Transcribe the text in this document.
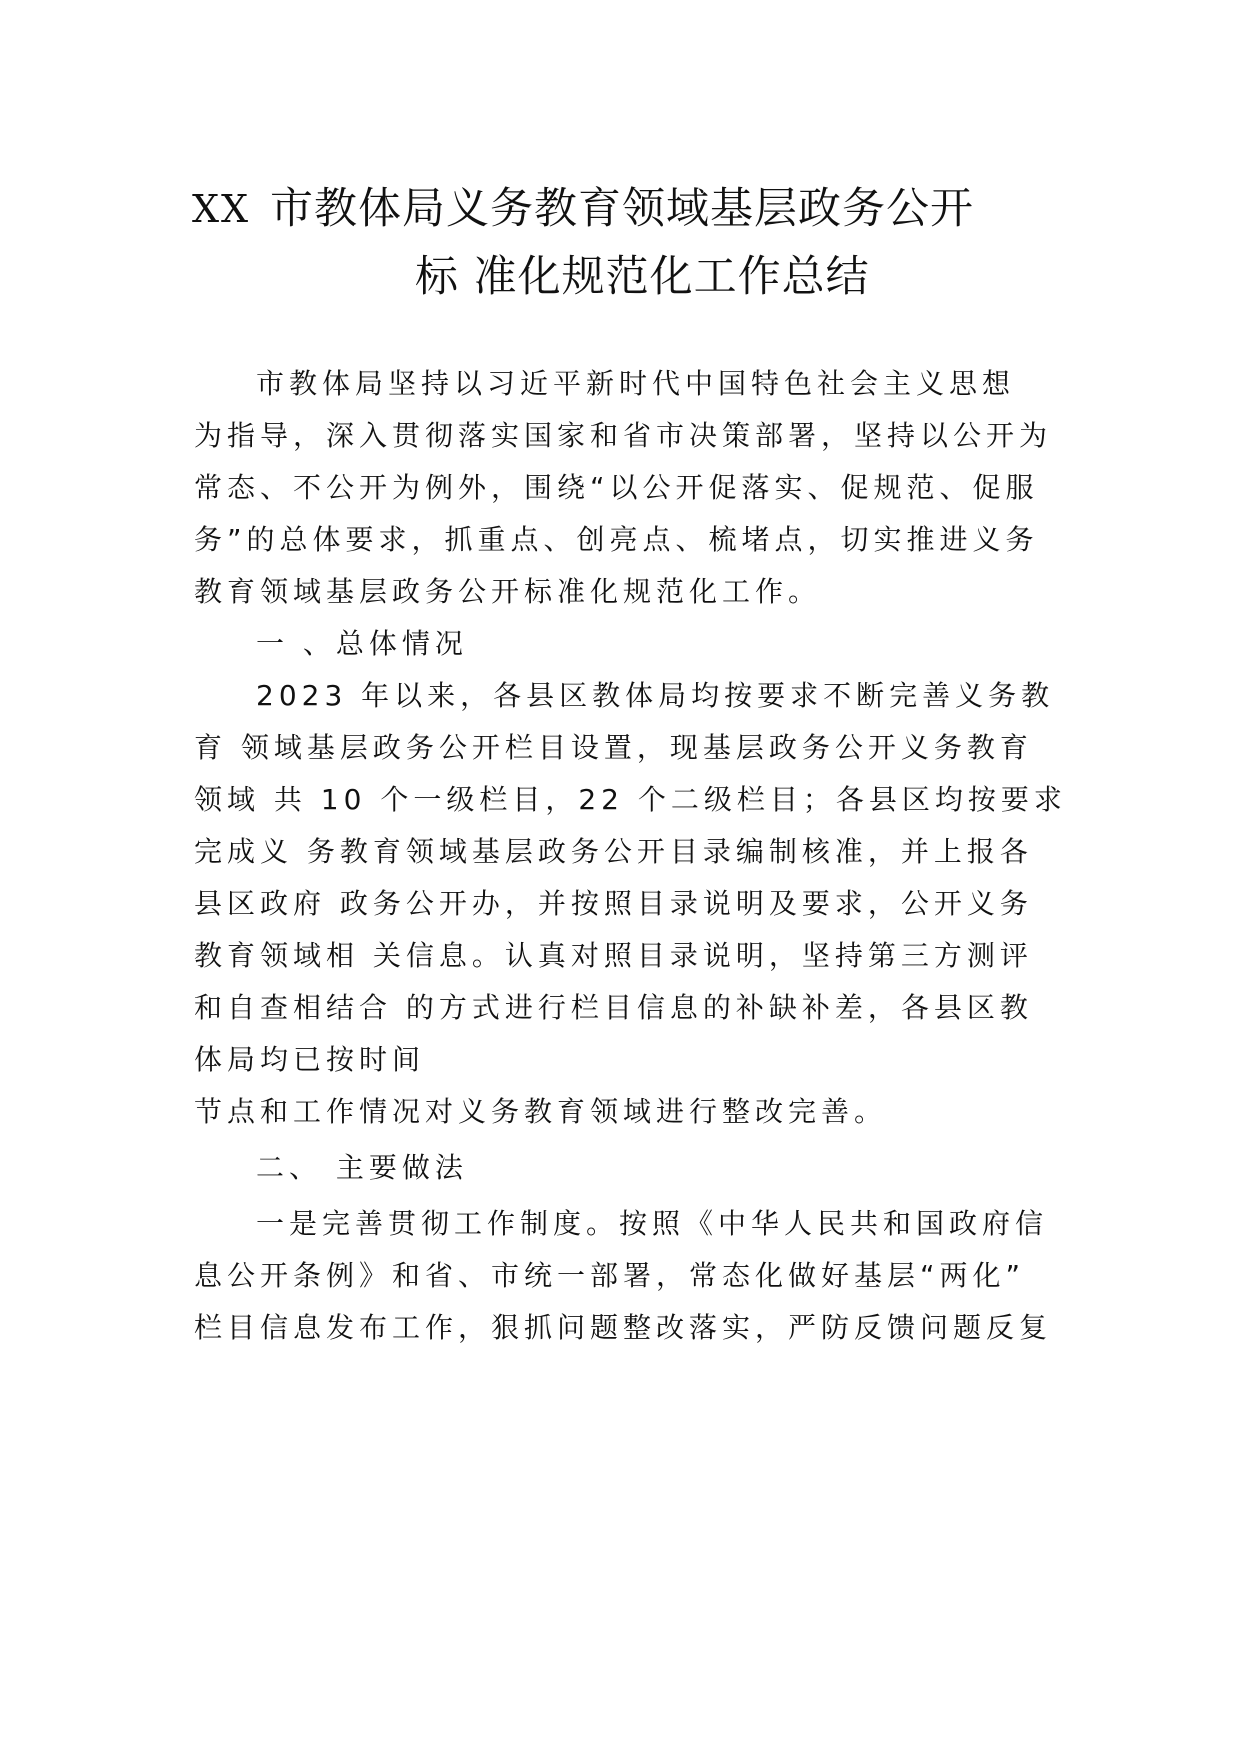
XX 市教体局义务教育领域基层政务公开
标 准化规范化工作总结
市教体局坚持以习近平新时代中国特色社会主义思想
为指导，深入贯彻落实国家和省市决策部署，坚持以公开为
常态、不公开为例外，围绕“以公开促落实、促规范、促服
务”的总体要求，抓重点、创亮点、梳堵点，切实推进义务
教育领域基层政务公开标准化规范化工作。
一 、总体情况
2023 年以来，各县区教体局均按要求不断完善义务教
育 领域基层政务公开栏目设置，现基层政务公开义务教育
领域 共 10 个一级栏目，22 个二级栏目；各县区均按要求
完成义 务教育领域基层政务公开目录编制核准，并上报各
县区政府 政务公开办，并按照目录说明及要求，公开义务
教育领域相 关信息。认真对照目录说明，坚持第三方测评
和自查相结合 的方式进行栏目信息的补缺补差，各县区教
体局均已按时间
节点和工作情况对义务教育领域进行整改完善。
二、 主要做法
一是完善贯彻工作制度。按照《中华人民共和国政府信
息公开条例》和省、市统一部署，常态化做好基层“两化”
栏目信息发布工作，狠抓问题整改落实，严防反馈问题反复
